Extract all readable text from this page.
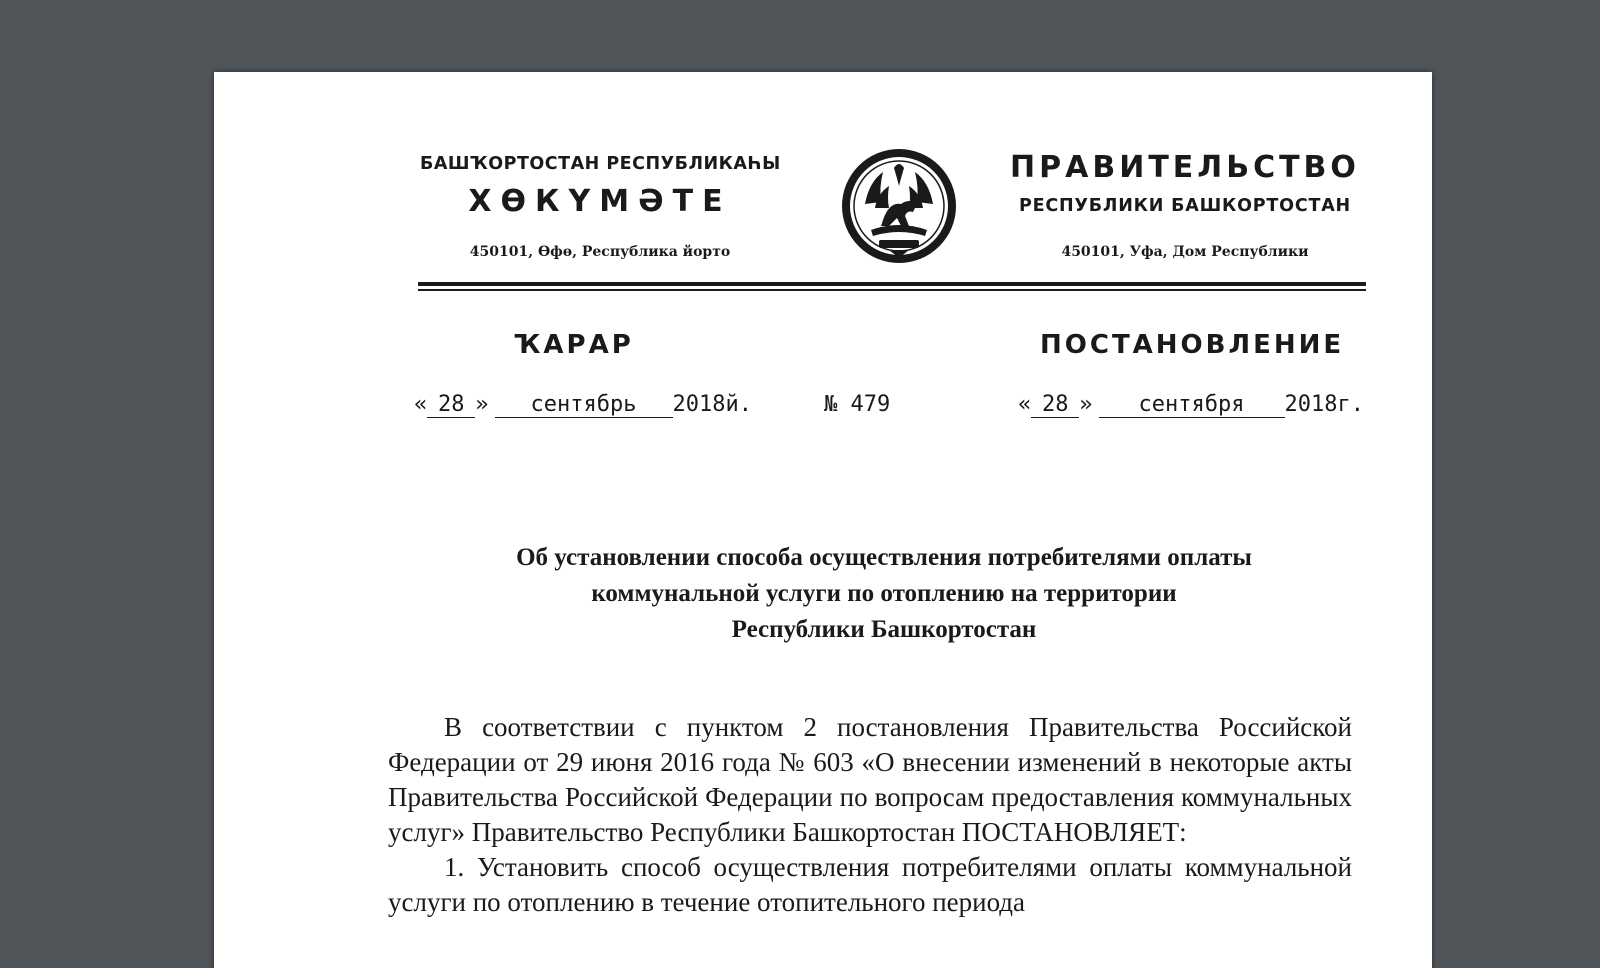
БАШҠОРТОСТАН РЕСПУБЛИКАҺЫ
ХӨКҮМӘТЕ
450101, Өфө, Республика йорто
ПРАВИТЕЛЬСТВО
РЕСПУБЛИКИ БАШКОРТОСТАН
450101, Уфа, Дом Республики
ҠАРАР	ПОСТАНОВЛЕНИЕ
« 28 » сентябрь 2018й.	№ 479	« 28 » сентября 2018г.
Об установлении способа осуществления потребителями оплаты
коммунальной услуги по отоплению на территории
Республики Башкортостан

В соответствии с пунктом 2 постановления Правительства Российской Федерации от 29 июня 2016 года № 603 «О внесении изменений в некоторые акты Правительства Российской Федерации по вопросам предоставления коммунальных услуг» Правительство Республики Башкортостан ПОСТАНОВЛЯЕТ:

1. Установить способ осуществления потребителями оплаты коммунальной услуги по отоплению в течение отопительного периода
